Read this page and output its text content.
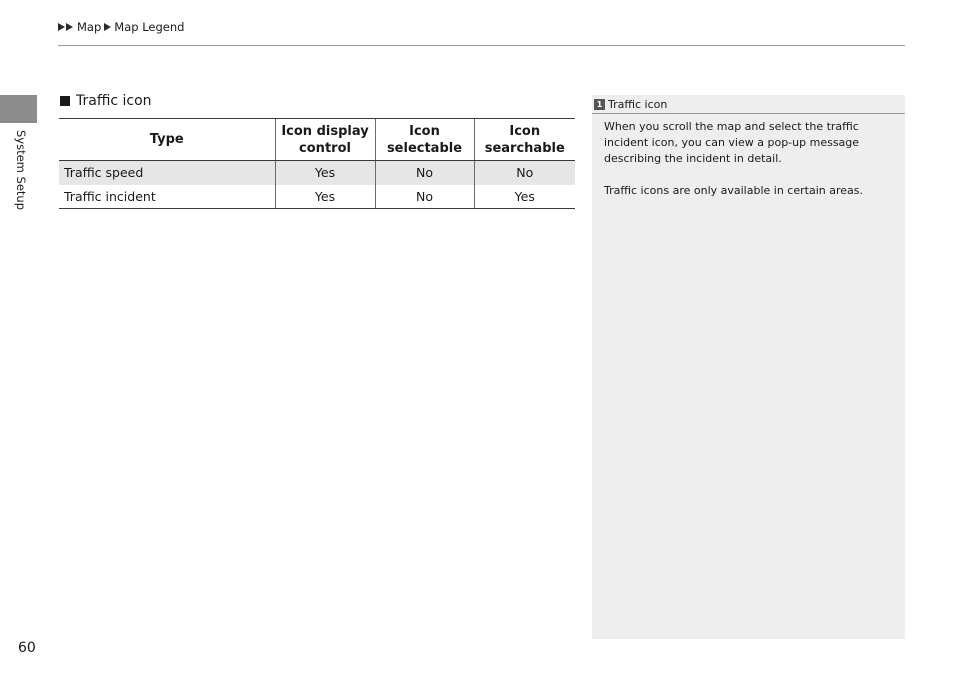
Map Map Legend
System Setup
Traffic icon
Type	Icon display control	Icon selectable	Icon searchable
Traffic speed	Yes	No	No
Traffic incident	Yes	No	Yes
1 Traffic icon

When you scroll the map and select the traffic incident icon, you can view a pop-up message describing the incident in detail.

Traffic icons are only available in certain areas.

60
